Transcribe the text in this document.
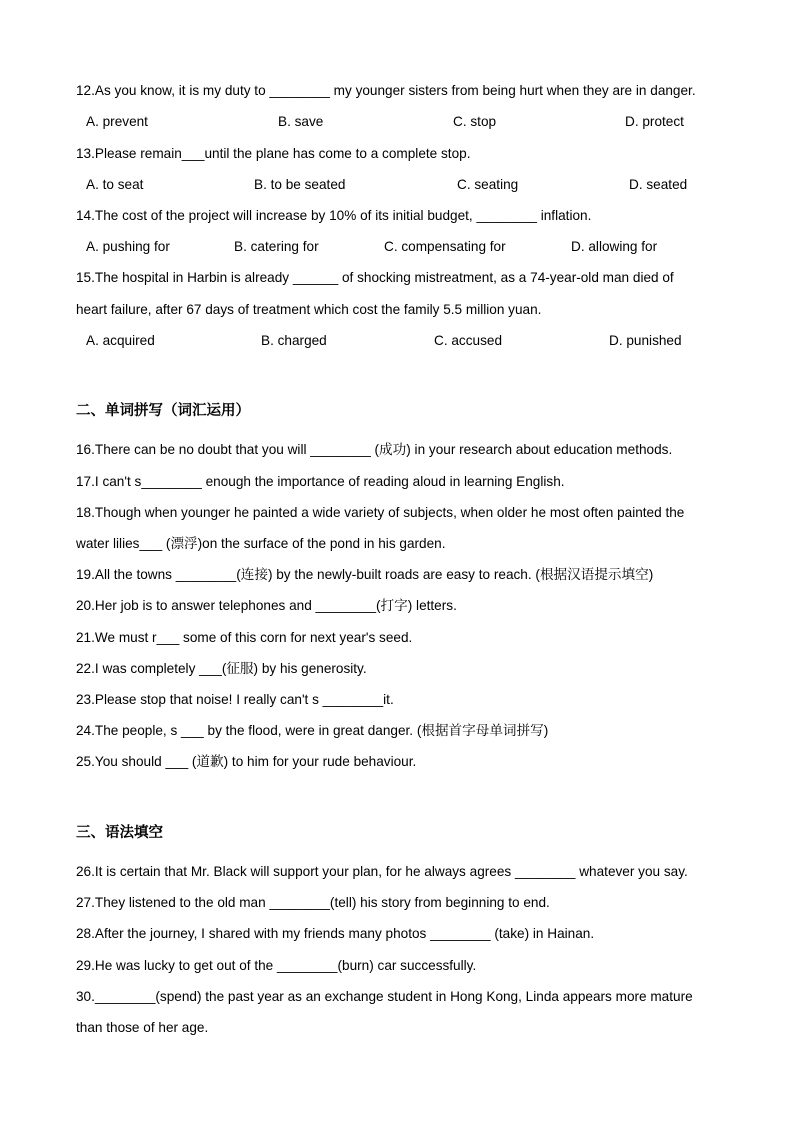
12.As you know, it is my duty to ________ my younger sisters from being hurt when they are in danger.
A. prevent	B. save	C. stop	D. protect
13.Please remain___until the plane has come to a complete stop.
A. to seat	B. to be seated	C. seating	D. seated
14.The cost of the project will increase by 10% of its initial budget, ________ inflation.
A. pushing for	B. catering for	C. compensating for	D. allowing for
15.The hospital in Harbin is already ______ of shocking mistreatment, as a 74-year-old man died of
heart failure, after 67 days of treatment which cost the family 5.5 million yuan.
A. acquired	B. charged	C. accused	D. punished
二、单词拼写（词汇运用）
16.There can be no doubt that you will ________ (成功) in your research about education methods.
17.I can't s________ enough the importance of reading aloud in learning English.
18.Though when younger he painted a wide variety of subjects, when older he most often painted the
water lilies___ (漂浮)on the surface of the pond in his garden.
19.All the towns ________(连接) by the newly-built roads are easy to reach. (根据汉语提示填空)
20.Her job is to answer telephones and ________(打字) letters.
21.We must r___ some of this corn for next year's seed.
22.I was completely ___(征服) by his generosity.
23.Please stop that noise! I really can't s ________it.
24.The people, s ___ by the flood, were in great danger. (根据首字母单词拼写)
25.You should ___ (道歉) to him for your rude behaviour.
三、语法填空
26.It is certain that Mr. Black will support your plan, for he always agrees ________ whatever you say.
27.They listened to the old man ________(tell) his story from beginning to end.
28.After the journey, I shared with my friends many photos ________ (take) in Hainan.
29.He was lucky to get out of the ________(burn) car successfully.
30.________(spend) the past year as an exchange student in Hong Kong, Linda appears more mature
than those of her age.
